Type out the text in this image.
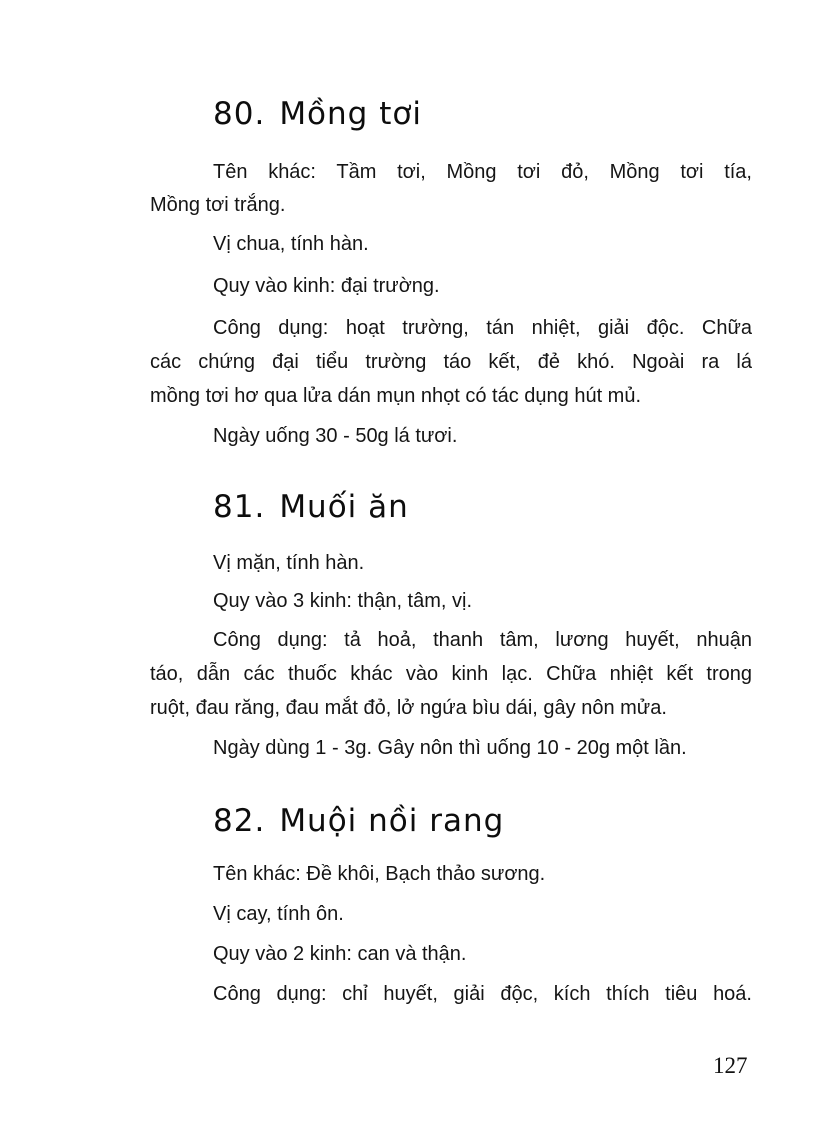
80. Mồng tơi
Tên khác: Tầm tơi, Mồng tơi đỏ, Mồng tơi tía,
Mồng tơi trắng.
Vị chua, tính hàn.
Quy vào kinh: đại trường.
Công dụng: hoạt trường, tán nhiệt, giải độc. Chữa
các chứng đại tiểu trường táo kết, đẻ khó. Ngoài ra lá
mồng tơi hơ qua lửa dán mụn nhọt có tác dụng hút mủ.
Ngày uống 30 - 50g lá tươi.
81. Muối ăn
Vị mặn, tính hàn.
Quy vào 3 kinh: thận, tâm, vị.
Công dụng: tả hoả, thanh tâm, lương huyết, nhuận
táo, dẫn các thuốc khác vào kinh lạc. Chữa nhiệt kết trong
ruột, đau răng, đau mắt đỏ, lở ngứa bìu dái, gây nôn mửa.
Ngày dùng 1 - 3g. Gây nôn thì uống 10 - 20g một lần.
82. Muội nồi rang
Tên khác: Đề khôi, Bạch thảo sương.
Vị cay, tính ôn.
Quy vào 2 kinh: can và thận.
Công dụng: chỉ huyết, giải độc, kích thích tiêu hoá.
127
